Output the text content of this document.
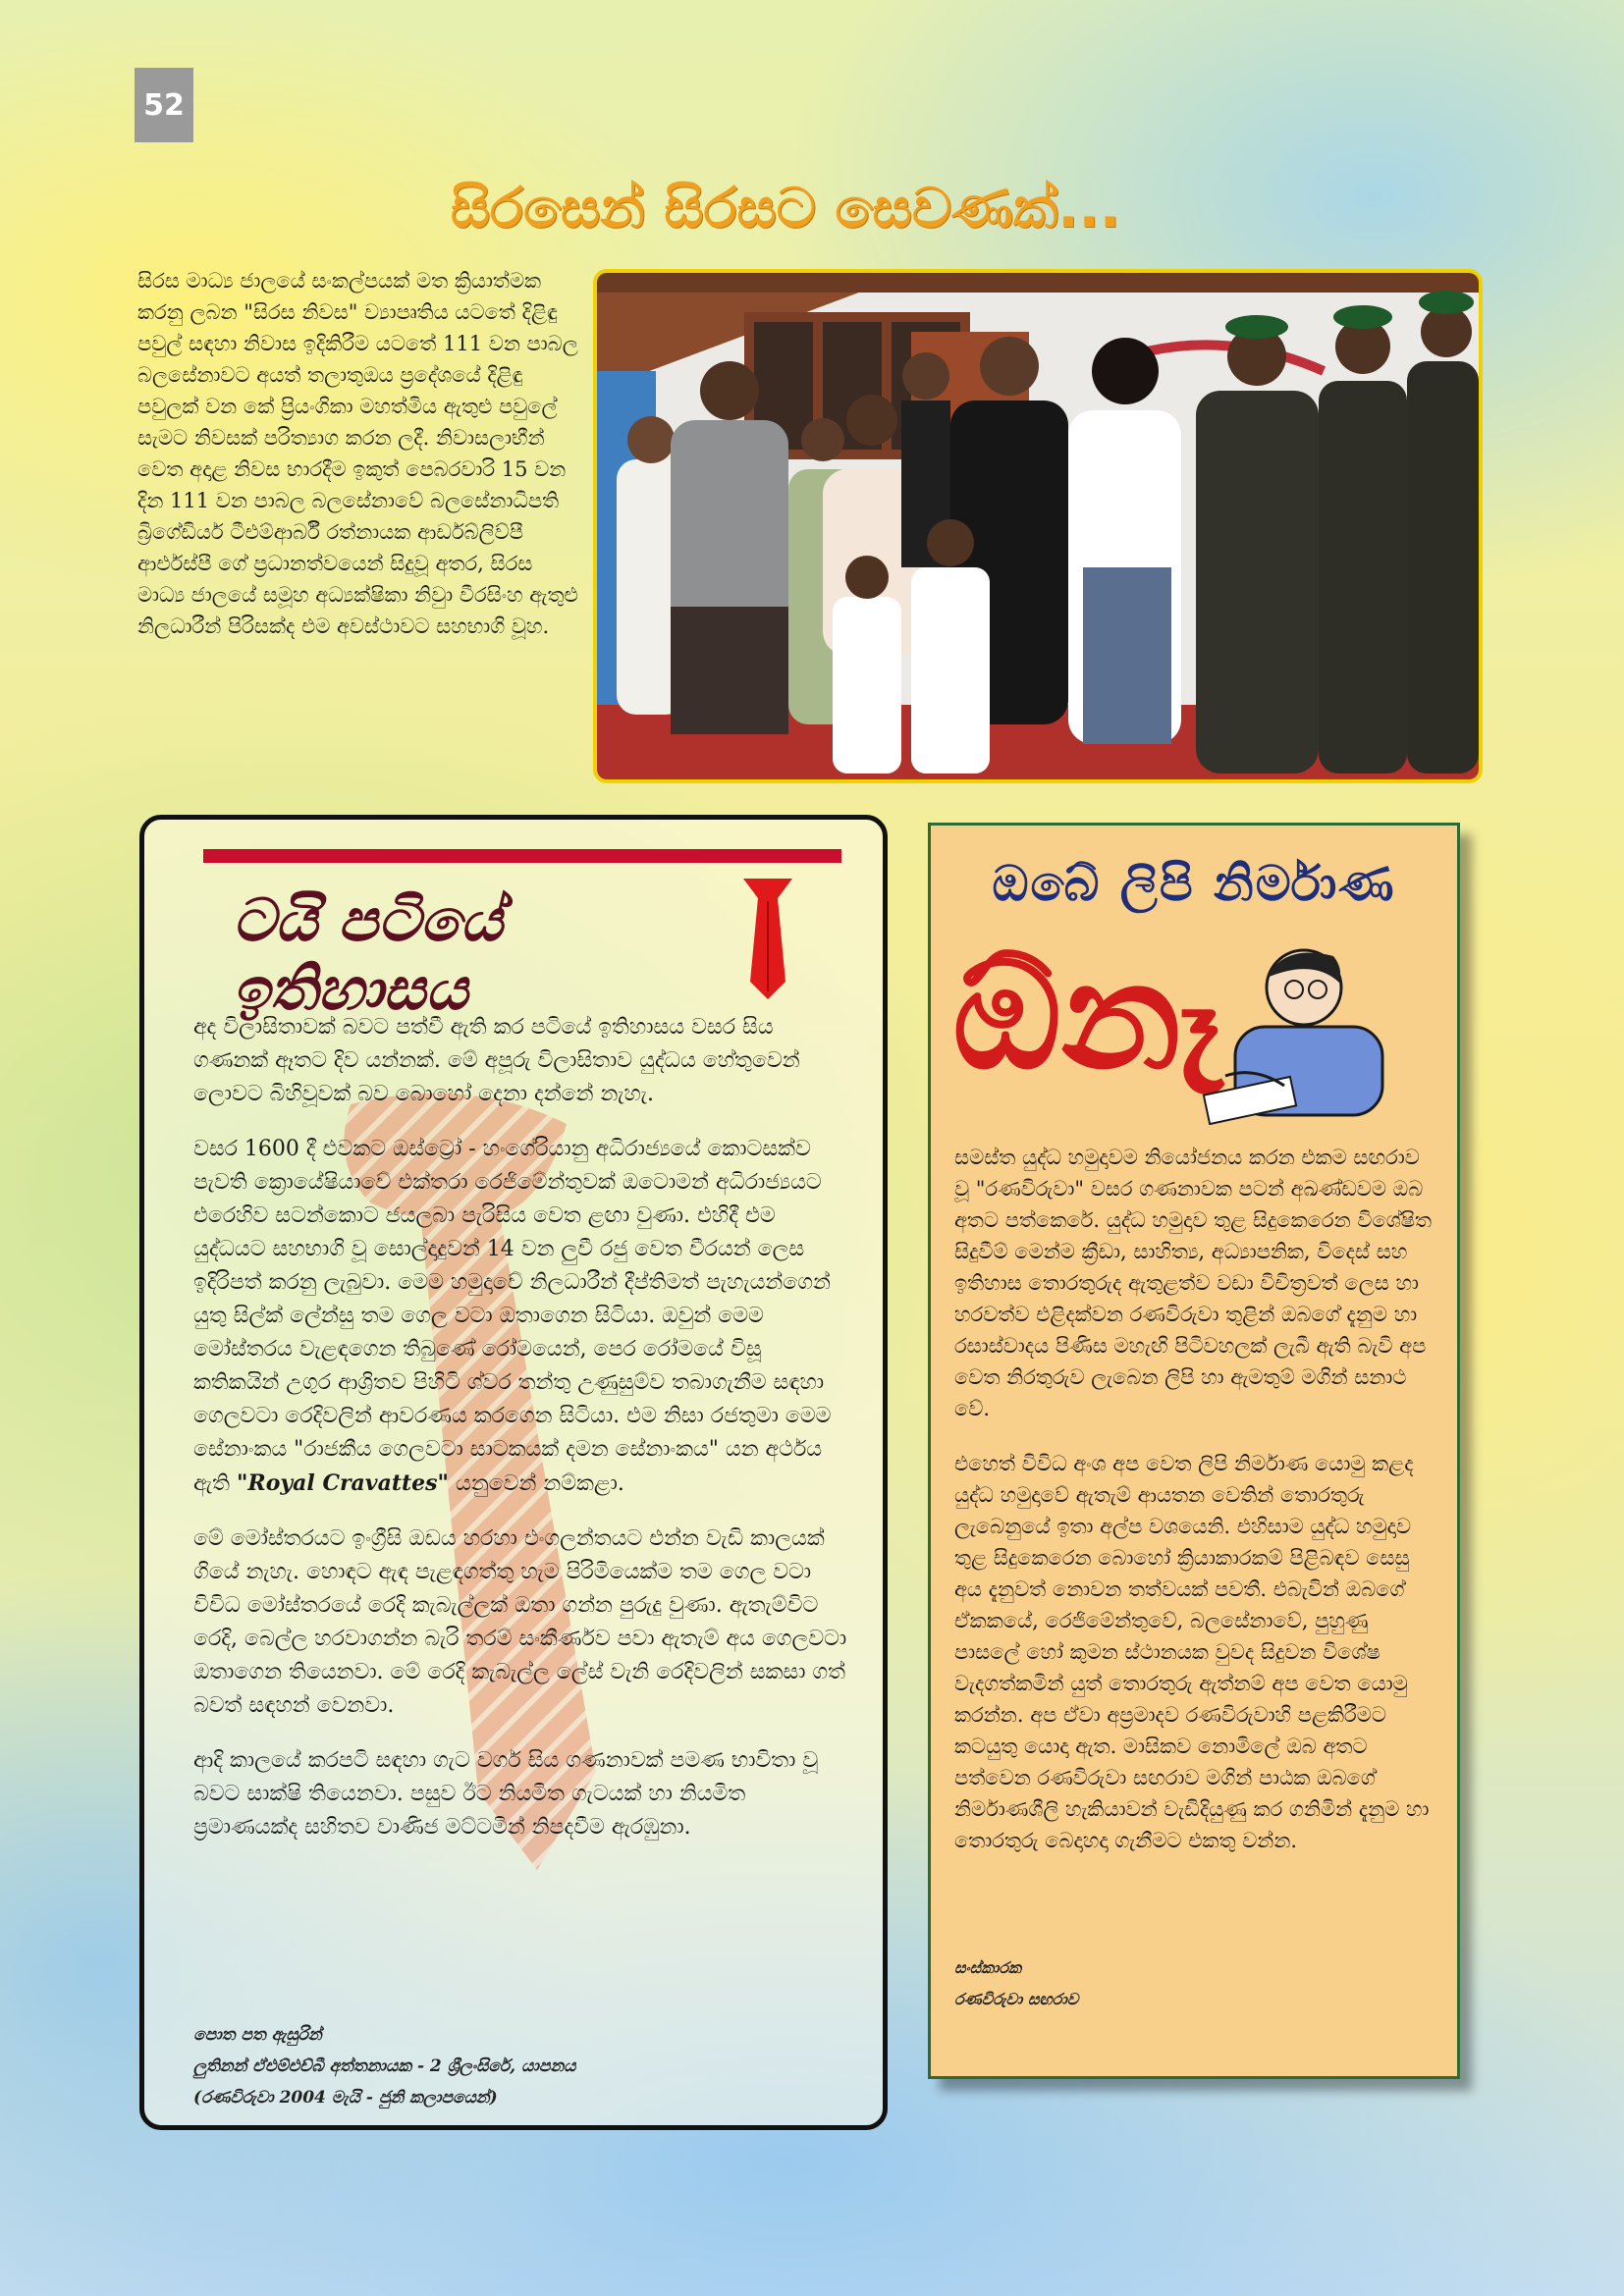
52
සිරසෙන් සිරසට සෙවණක්...
සිරස මාධ්‍ය ජාලයේ සංකල්පයක් මත ක්‍රියාත්මක කරනු ලබන "සිරස නිවස" ව්‍යාපෘතිය යටතේ දිළිඳු පවුල් සඳහා නිවාස ඉදිකිරීම යටතේ 111 වන පාබල බලසේනාවට අයත් තලාතුඔය ප්‍රදේශයේ දිළිඳු පවුලක් වන කේ ප්‍රියංගිකා මහත්මිය ඇතුළු පවුලේ සැමට නිවසක් පරිත්‍යාග කරන ලදී. නිවාසලාභීන් වෙත අදාළ නිවස භාරදීම ඉකුත් පෙබරවාරි 15 වන දින 111 වන පාබල බලසේනාවේ බලසේනාධිපති බ්‍රිගේඩියර් ටීඑම්ආර්බී රත්නායක ආර්ඩබ්ලිව්පී ආර්එස්පී ගේ ප්‍රධානත්වයෙන් සිදුවූ අතර, සිරස මාධ්‍ය ජාලයේ සමූහ අධ්‍යක්ෂිකා නිවුා වීරසිංහ ඇතුළු නිලධාරීන් පිරිසක්ද එම අවස්ථාවට සහභාගි වූහ.
ටයි පටියේ ඉතිහාසය

අද විලාසිතාවක් බවට පත්වී ඇති කර පටියේ ඉතිහාසය වසර සිය ගණනක් ඈතට දිව යන්නක්. මේ අපූරු විලාසිතාව යුද්ධය හේතුවෙන් ලොවට බිහිවූවක් බව බොහෝ දෙනා දන්නේ නැහැ.

වසර 1600 දී එවකට ඔස්ට්‍රෝ - හංගේරියානු අධිරාජ්‍යයේ කොටසක්ව පැවති ක්‍රොයේෂියාවේ එක්තරා රෙජිමේන්තුවක් ඔටොමන් අධිරාජ්‍යයට එරෙහිව සටන්කොට ජයලබා පැරිසිය වෙත ළඟා වුණා. එහිදී එම යුද්ධයට සහභාගි වූ සොල්දාදුවන් 14 වන ලුවී රජු වෙත වීරයන් ලෙස ඉදිරිපත් කරනු ලැබුවා. මෙම හමුදාවේ නිලධාරීන් දීප්තිමත් පැහැයන්ගෙන් යුතු සිල්ක් ලේන්සු තම ගෙල වටා ඔතාගෙන සිටියා. ඔවුන් මෙම මෝස්තරය වැළඳගෙන තිබුණේ රෝමයෙන්, පෙර රෝමයේ විසූ කතිකයින් උගුර ආශ්‍රිතව පිහිටි ශ්වර තන්තු උණුසුම්ව තබාගැනීම සඳහා ගෙලවටා රෙදිවලින් ආවරණය කරගෙන සිටියා. එම නිසා රජතුමා මෙම සේනාංකය "රාජකීය ගෙලවටා සාටකයක් දමන සේනාංකය" යන අර්ථය ඇති "Royal Cravattes" යනුවෙන් නම්කළා.

මේ මෝස්තරයට ඉංග්‍රීසි ඔඩය හරහා එංගලන්තයට එන්න වැඩි කාලයක් ගියේ නැහැ. හොඳට ඇඳ පැළඳගත්තු හැම පිරිමියෙක්ම තම ගෙල වටා විවිධ මෝස්තරයේ රෙදි කැබැල්ලක් ඔතා ගන්න පුරුදු වුණා. ඇතැම්විට රෙදි, බෙල්ල හරවාගන්න බැරි තරම් සංකීර්ණව පවා ඇතැම් අය ගෙලවටා ඔතාගෙන තියෙනවා. මේ රෙදි කැබැල්ල ලේස් වැනි රෙදිවලින් සකසා ගත් බවත් සඳහන් වෙනවා.

ආදි කාලයේ කරපටි සඳහා ගැට වර්ග සිය ගණනාවක් පමණ භාවිතා වූ බවට සාක්ෂි තියෙනවා. පසුව ඊට නියමිත ගැටයක් හා නියමිත ප්‍රමාණයක්ද සහිතව වාණිජ මට්ටමින් නිපදවීම ඇරඹුනා.

පොත පත ඇසුරින්
ලුතිනන් ඒඑම්එච්බී අත්තනායක - 2 ශ්‍රීලංසිරේ, යාපනය
(රණවිරුවා 2004 මැයි - ජුනි කලාපයෙන්)
ඔබේ ලිපි නිර්මාණ
ඕනෑ

සමස්ත යුද්ධ හමුදාවම නියෝජනය කරන එකම සඟරාව වූ "රණවිරුවා" වසර ගණනාවක පටන් අඛණ්ඩවම ඔබ අතට පත්කෙරේ. යුද්ධ හමුදාව තුළ සිදුකෙරෙන විශේෂිත සිදුවීම් මෙන්ම ක්‍රීඩා, සාහිත්‍ය, අධ්‍යාපනික, විදෙස් සහ ඉතිහාස තොරතුරුද ඇතුළත්ව වඩා විචිත්‍රවත් ලෙස හා හරවත්ව එළිදක්වන රණවිරුවා තුළින් ඔබගේ දැනුම හා රසාස්වාදය පිණිස මහැඟි පිටිවහලක් ලැබී ඇති බැවි අප වෙත නිරතුරුව ලැබෙන ලිපි හා ඇමතුම් මගින් සනාථ වේ.

එහෙත් විවිධ අංශ අප වෙත ලිපි නිර්මාණ යොමු කළද යුද්ධ හමුදාවේ ඇතැම් ආයතන වෙතින් තොරතුරු ලැබෙනුයේ ඉතා අල්ප වශයෙනි. එහිසාම යුද්ධ හමුදාව තුළ සිදුකෙරෙන බොහෝ ක්‍රියාකාරකම් පිළිබඳව සෙසු අය දැනුවත් නොවන තත්වයක් පවතී. එබැවින් ඔබගේ ඒකකයේ, රෙජිමේන්තුවේ, බලසේනාවේ, පුහුණු පාසලේ හෝ කුමන ස්ථානයක වුවද සිදුවන විශේෂ වැදගත්කමින් යුත් තොරතුරු ඇත්නම් අප වෙත යොමු කරන්න. අප ඒවා අප්‍රමාදව රණවිරුවාහි පළකිරීමට කටයුතු යොදා ඇත. මාසිකව නොමිලේ ඔබ අතට පත්වෙන රණවිරුවා සඟරාව මගින් පාඨක ඔබගේ නිර්මාණශීලි හැකියාවන් වැඩිදියුණු කර ගනිමින් දැනුම හා තොරතුරු බෙදාහදා ගැනීමට එකතු වන්න.

සංස්කාරක
රණවිරුවා සඟරාව
